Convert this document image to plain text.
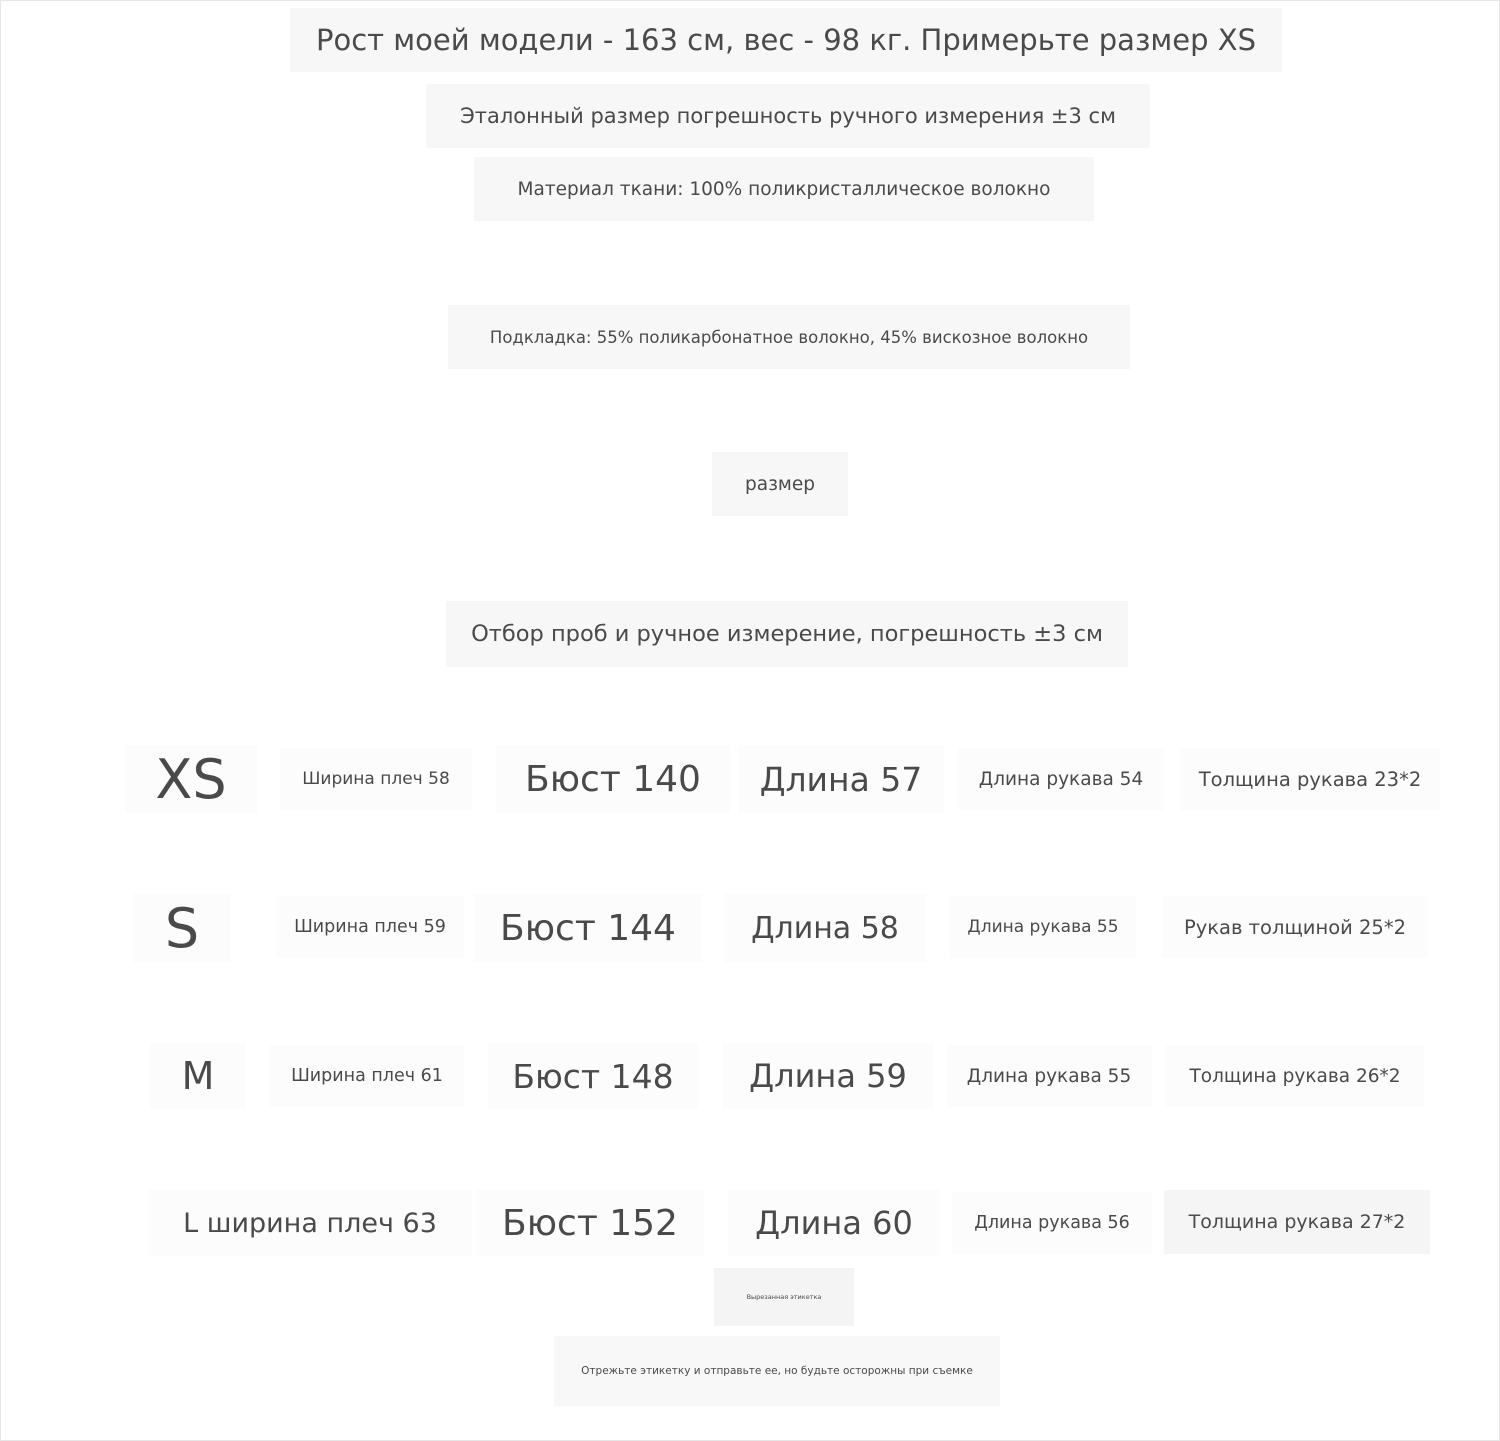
Рост моей модели - 163 см, вес - 98 кг. Примерьте размер XS
Эталонный размер погрешность ручного измерения ±3 см
Материал ткани: 100% поликристаллическое волокно
Подкладка: 55% поликарбонатное волокно, 45% вискозное волокно
размер
Отбор проб и ручное измерение, погрешность ±3 см
XS	Ширина плеч 58 Бюст 140 Длина 57	Длина рукава 54	Толщина рукава 23*2
S	Ширина плеч 59 Бюст 144	Длина 58	Длина рукава 55	Рукав толщиной 25*2
M	Ширина плеч 61 Бюст 148 Длина 59	Длина рукава 55	Толщина рукава 26*2
L ширина плеч 63 Бюст 152 Длина 60	Длина рукава 56	Толщина рукава 27*2
Вырезанная этикетка
Отрежьте этикетку и отправьте ее, но будьте осторожны при съемке
